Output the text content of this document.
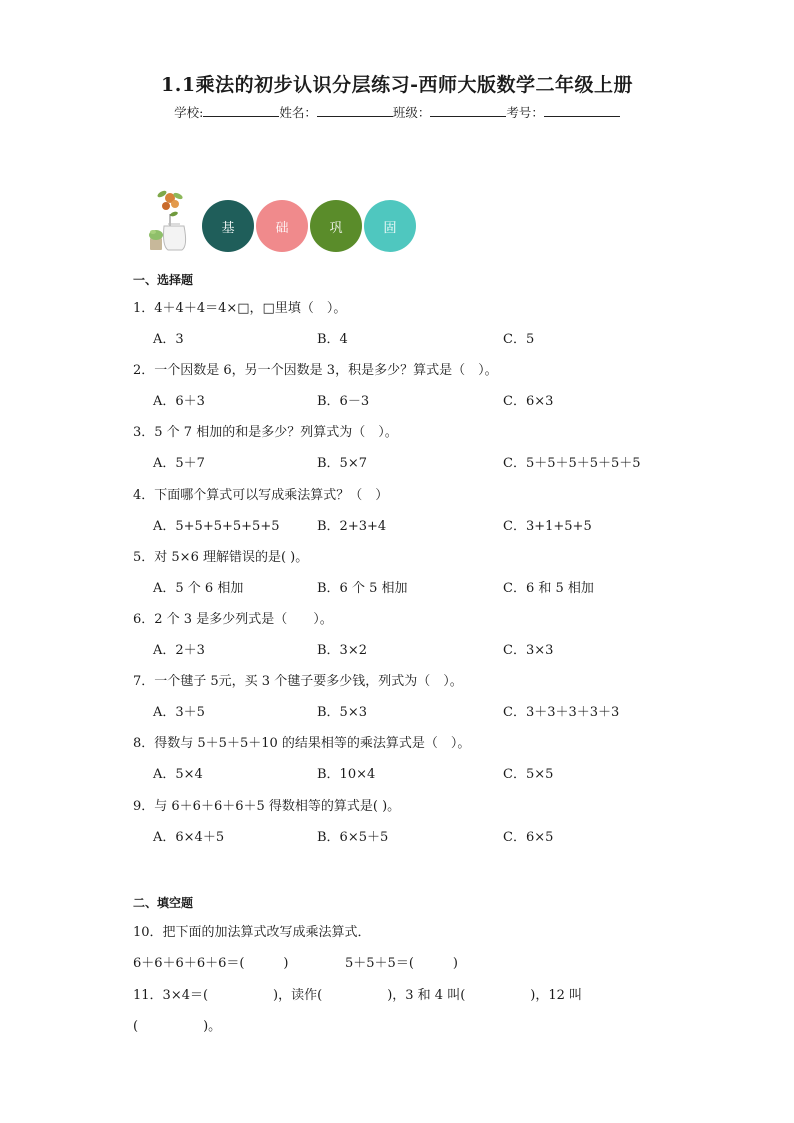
1.1乘法的初步认识分层练习-西师大版数学二年级上册
学校:	姓名：	班级：	考号：
基	础	巩	固
一、选择题
1．4＋4＋4＝4×□，□里填（　）。
A．3	B．4	C．5
2．一个因数是 6，另一个因数是 3，积是多少？算式是（　）。
A．6＋3	B．6－3	C．6×3
3．5 个 7 相加的和是多少？列算式为（　）。
A．5＋7	B．5×7	C．5＋5＋5＋5＋5＋5
4．下面哪个算式可以写成乘法算式？（　）
A．5+5+5+5+5+5	B．2+3+4	C．3+1+5+5
5．对 5×6 理解错误的是( )。
A．5 个 6 相加	B．6 个 5 相加	C．6 和 5 相加
6．2 个 3 是多少列式是（　　）。
A．2＋3	B．3×2	C．3×3
7．一个毽子 5元，买 3 个毽子要多少钱，列式为（　）。
A．3＋5	B．5×3	C．3＋3＋3＋3＋3
8．得数与 5＋5＋5＋10 的结果相等的乘法算式是（　）。
A．5×4	B．10×4	C．5×5
9．与 6＋6＋6＋6＋5 得数相等的算式是( )。
A．6×4＋5	B．6×5＋5	C．6×5
二、填空题
10．把下面的加法算式改写成乘法算式．
6＋6＋6＋6＋6＝(　　　)	5＋5＋5＝(　　　)
11．3×4＝(　　　　　)，读作(　　　　　)，3 和 4 叫(　　　　　)，12 叫
(　　　　　)。
